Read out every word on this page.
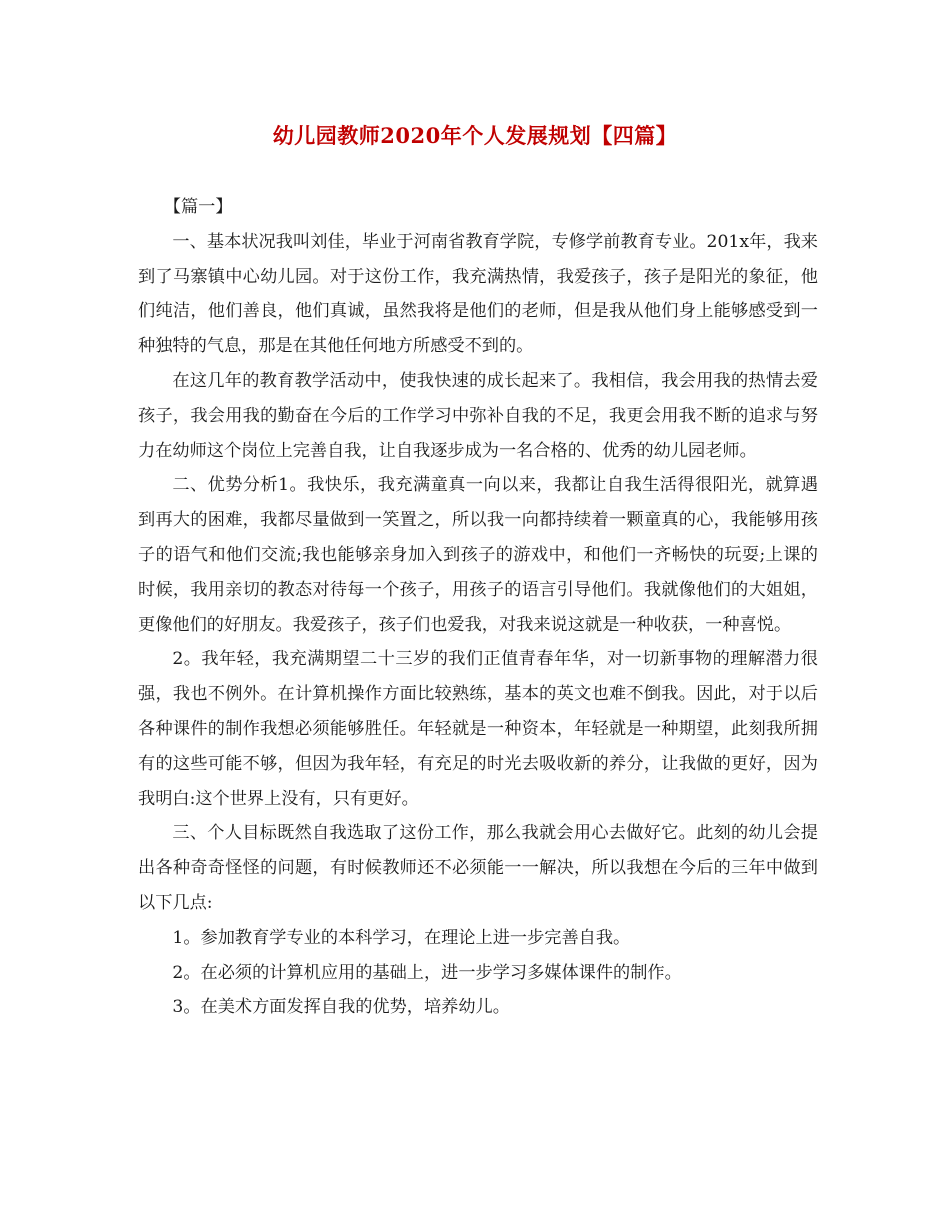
幼儿园教师2020年个人发展规划【四篇】

【篇一】

一、基本状况我叫刘佳，毕业于河南省教育学院，专修学前教育专业。201x年，我来到了马寨镇中心幼儿园。对于这份工作，我充满热情，我爱孩子，孩子是阳光的象征，他们纯洁，他们善良，他们真诚，虽然我将是他们的老师，但是我从他们身上能够感受到一种独特的气息，那是在其他任何地方所感受不到的。

在这几年的教育教学活动中，使我快速的成长起来了。我相信，我会用我的热情去爱孩子，我会用我的勤奋在今后的工作学习中弥补自我的不足，我更会用我不断的追求与努力在幼师这个岗位上完善自我，让自我逐步成为一名合格的、优秀的幼儿园老师。

二、优势分析1。我快乐，我充满童真一向以来，我都让自我生活得很阳光，就算遇到再大的困难，我都尽量做到一笑置之，所以我一向都持续着一颗童真的心，我能够用孩子的语气和他们交流;我也能够亲身加入到孩子的游戏中，和他们一齐畅快的玩耍;上课的时候，我用亲切的教态对待每一个孩子，用孩子的语言引导他们。我就像他们的大姐姐，更像他们的好朋友。我爱孩子，孩子们也爱我，对我来说这就是一种收获，一种喜悦。

2。我年轻，我充满期望二十三岁的我们正值青春年华，对一切新事物的理解潜力很强，我也不例外。在计算机操作方面比较熟练，基本的英文也难不倒我。因此，对于以后各种课件的制作我想必须能够胜任。年轻就是一种资本，年轻就是一种期望，此刻我所拥有的这些可能不够，但因为我年轻，有充足的时光去吸收新的养分，让我做的更好，因为我明白:这个世界上没有，只有更好。

三、个人目标既然自我选取了这份工作，那么我就会用心去做好它。此刻的幼儿会提出各种奇奇怪怪的问题，有时候教师还不必须能一一解决，所以我想在今后的三年中做到以下几点:

1。参加教育学专业的本科学习，在理论上进一步完善自我。

2。在必须的计算机应用的基础上，进一步学习多媒体课件的制作。

3。在美术方面发挥自我的优势，培养幼儿。
